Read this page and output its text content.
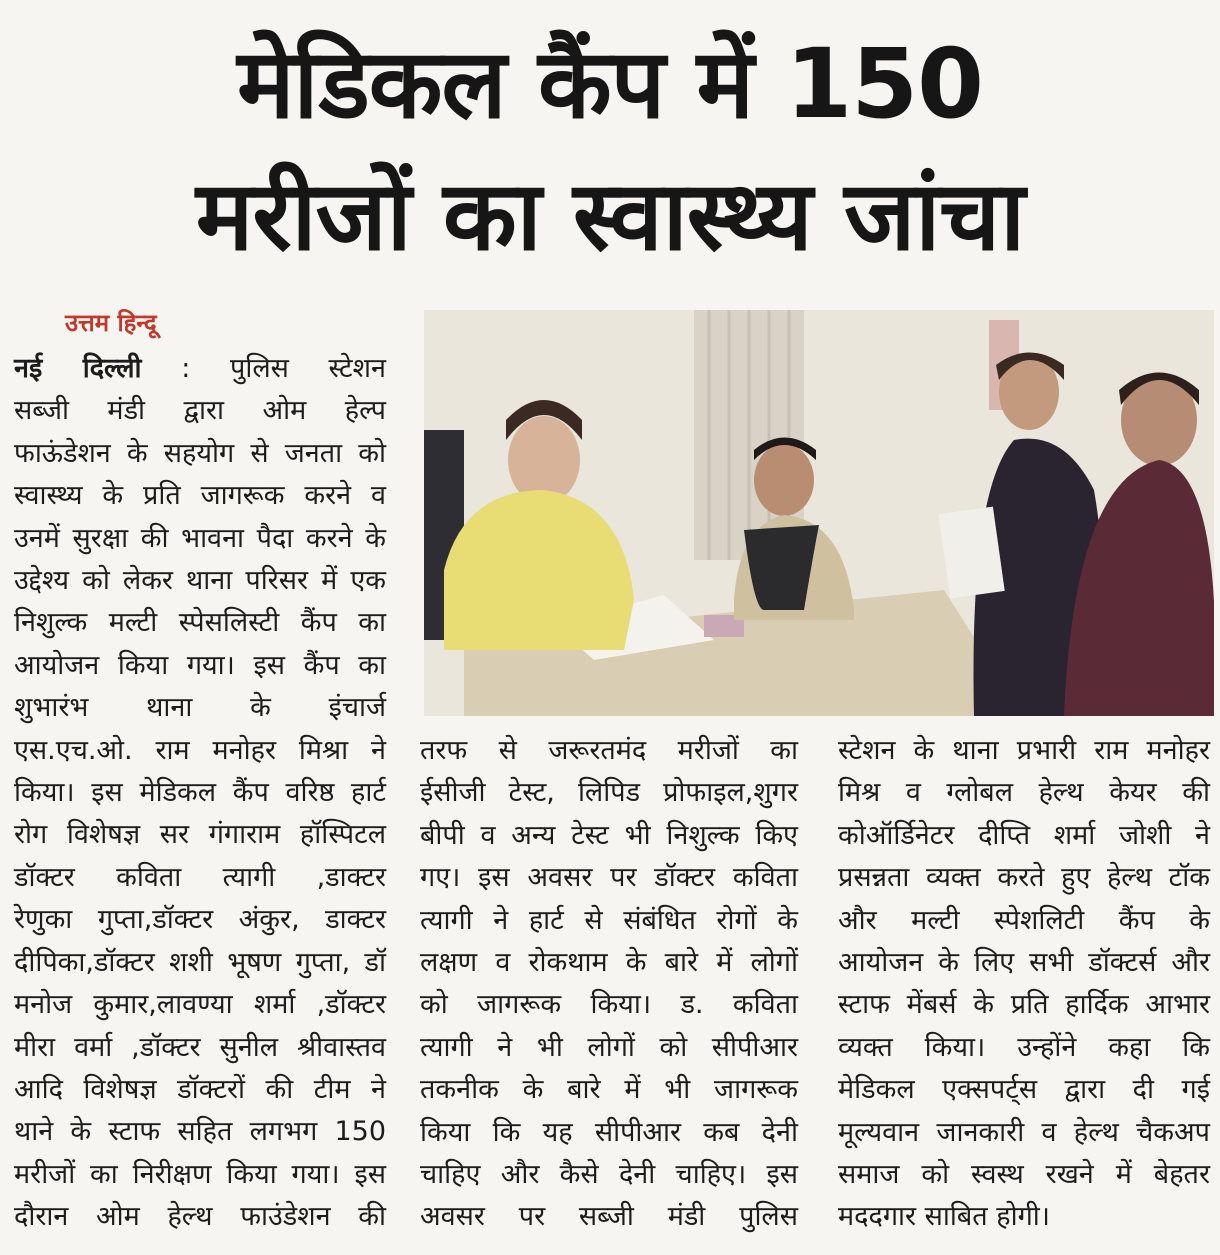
मेडिकल कैंप में 150
मरीजों का स्वास्थ्य जांचा
उत्तम हिन्दू

नई दिल्ली : पुलिस स्टेशन

सब्जी मंडी द्वारा ओम हेल्प

फाऊंडेशन के सहयोग से जनता को

स्वास्थ्य के प्रति जागरूक करने व

उनमें सुरक्षा की भावना पैदा करने के

उद्देश्य को लेकर थाना परिसर में एक

निशुल्क मल्टी स्पेसलिस्टी कैंप का

आयोजन किया गया। इस कैंप का

शुभारंभ थाना के इंचार्ज

एस.एच.ओ. राम मनोहर मिश्रा ने

किया। इस मेडिकल कैंप वरिष्ठ हार्ट

रोग विशेषज्ञ सर गंगाराम हॉस्पिटल

डॉक्टर कविता त्यागी ,डाक्टर

रेणुका गुप्ता,डॉक्टर अंकुर, डाक्टर

दीपिका,डॉक्टर शशी भूषण गुप्ता, डॉ

मनोज कुमार,लावण्या शर्मा ,डॉक्टर

मीरा वर्मा ,डॉक्टर सुनील श्रीवास्तव

आदि विशेषज्ञ डॉक्टरों की टीम ने

थाने के स्टाफ सहित लगभग 150

मरीजों का निरीक्षण किया गया। इस

दौरान ओम हेल्थ फाउंडेशन की

तरफ से जरूरतमंद मरीजों का

ईसीजी टेस्ट, लिपिड प्रोफाइल,शुगर

बीपी व अन्य टेस्ट भी निशुल्क किए

गए। इस अवसर पर डॉक्टर कविता

त्यागी ने हार्ट से संबंधित रोगों के

लक्षण व रोकथाम के बारे में लोगों

को जागरूक किया। ड. कविता

त्यागी ने भी लोगों को सीपीआर

तकनीक के बारे में भी जागरूक

किया कि यह सीपीआर कब देनी

चाहिए और कैसे देनी चाहिए। इस

अवसर पर सब्जी मंडी पुलिस

स्टेशन के थाना प्रभारी राम मनोहर

मिश्र व ग्लोबल हेल्थ केयर की

कोऑर्डिनेटर दीप्ति शर्मा जोशी ने

प्रसन्नता व्यक्त करते हुए हेल्थ टॉक

और मल्टी स्पेशलिटी कैंप के

आयोजन के लिए सभी डॉक्टर्स और

स्टाफ मेंबर्स के प्रति हार्दिक आभार

व्यक्त किया। उन्होंने कहा कि

मेडिकल एक्सपर्ट्स द्वारा दी गई

मूल्यवान जानकारी व हेल्थ चैकअप

समाज को स्वस्थ रखने में बेहतर

मददगार साबित होगी।
